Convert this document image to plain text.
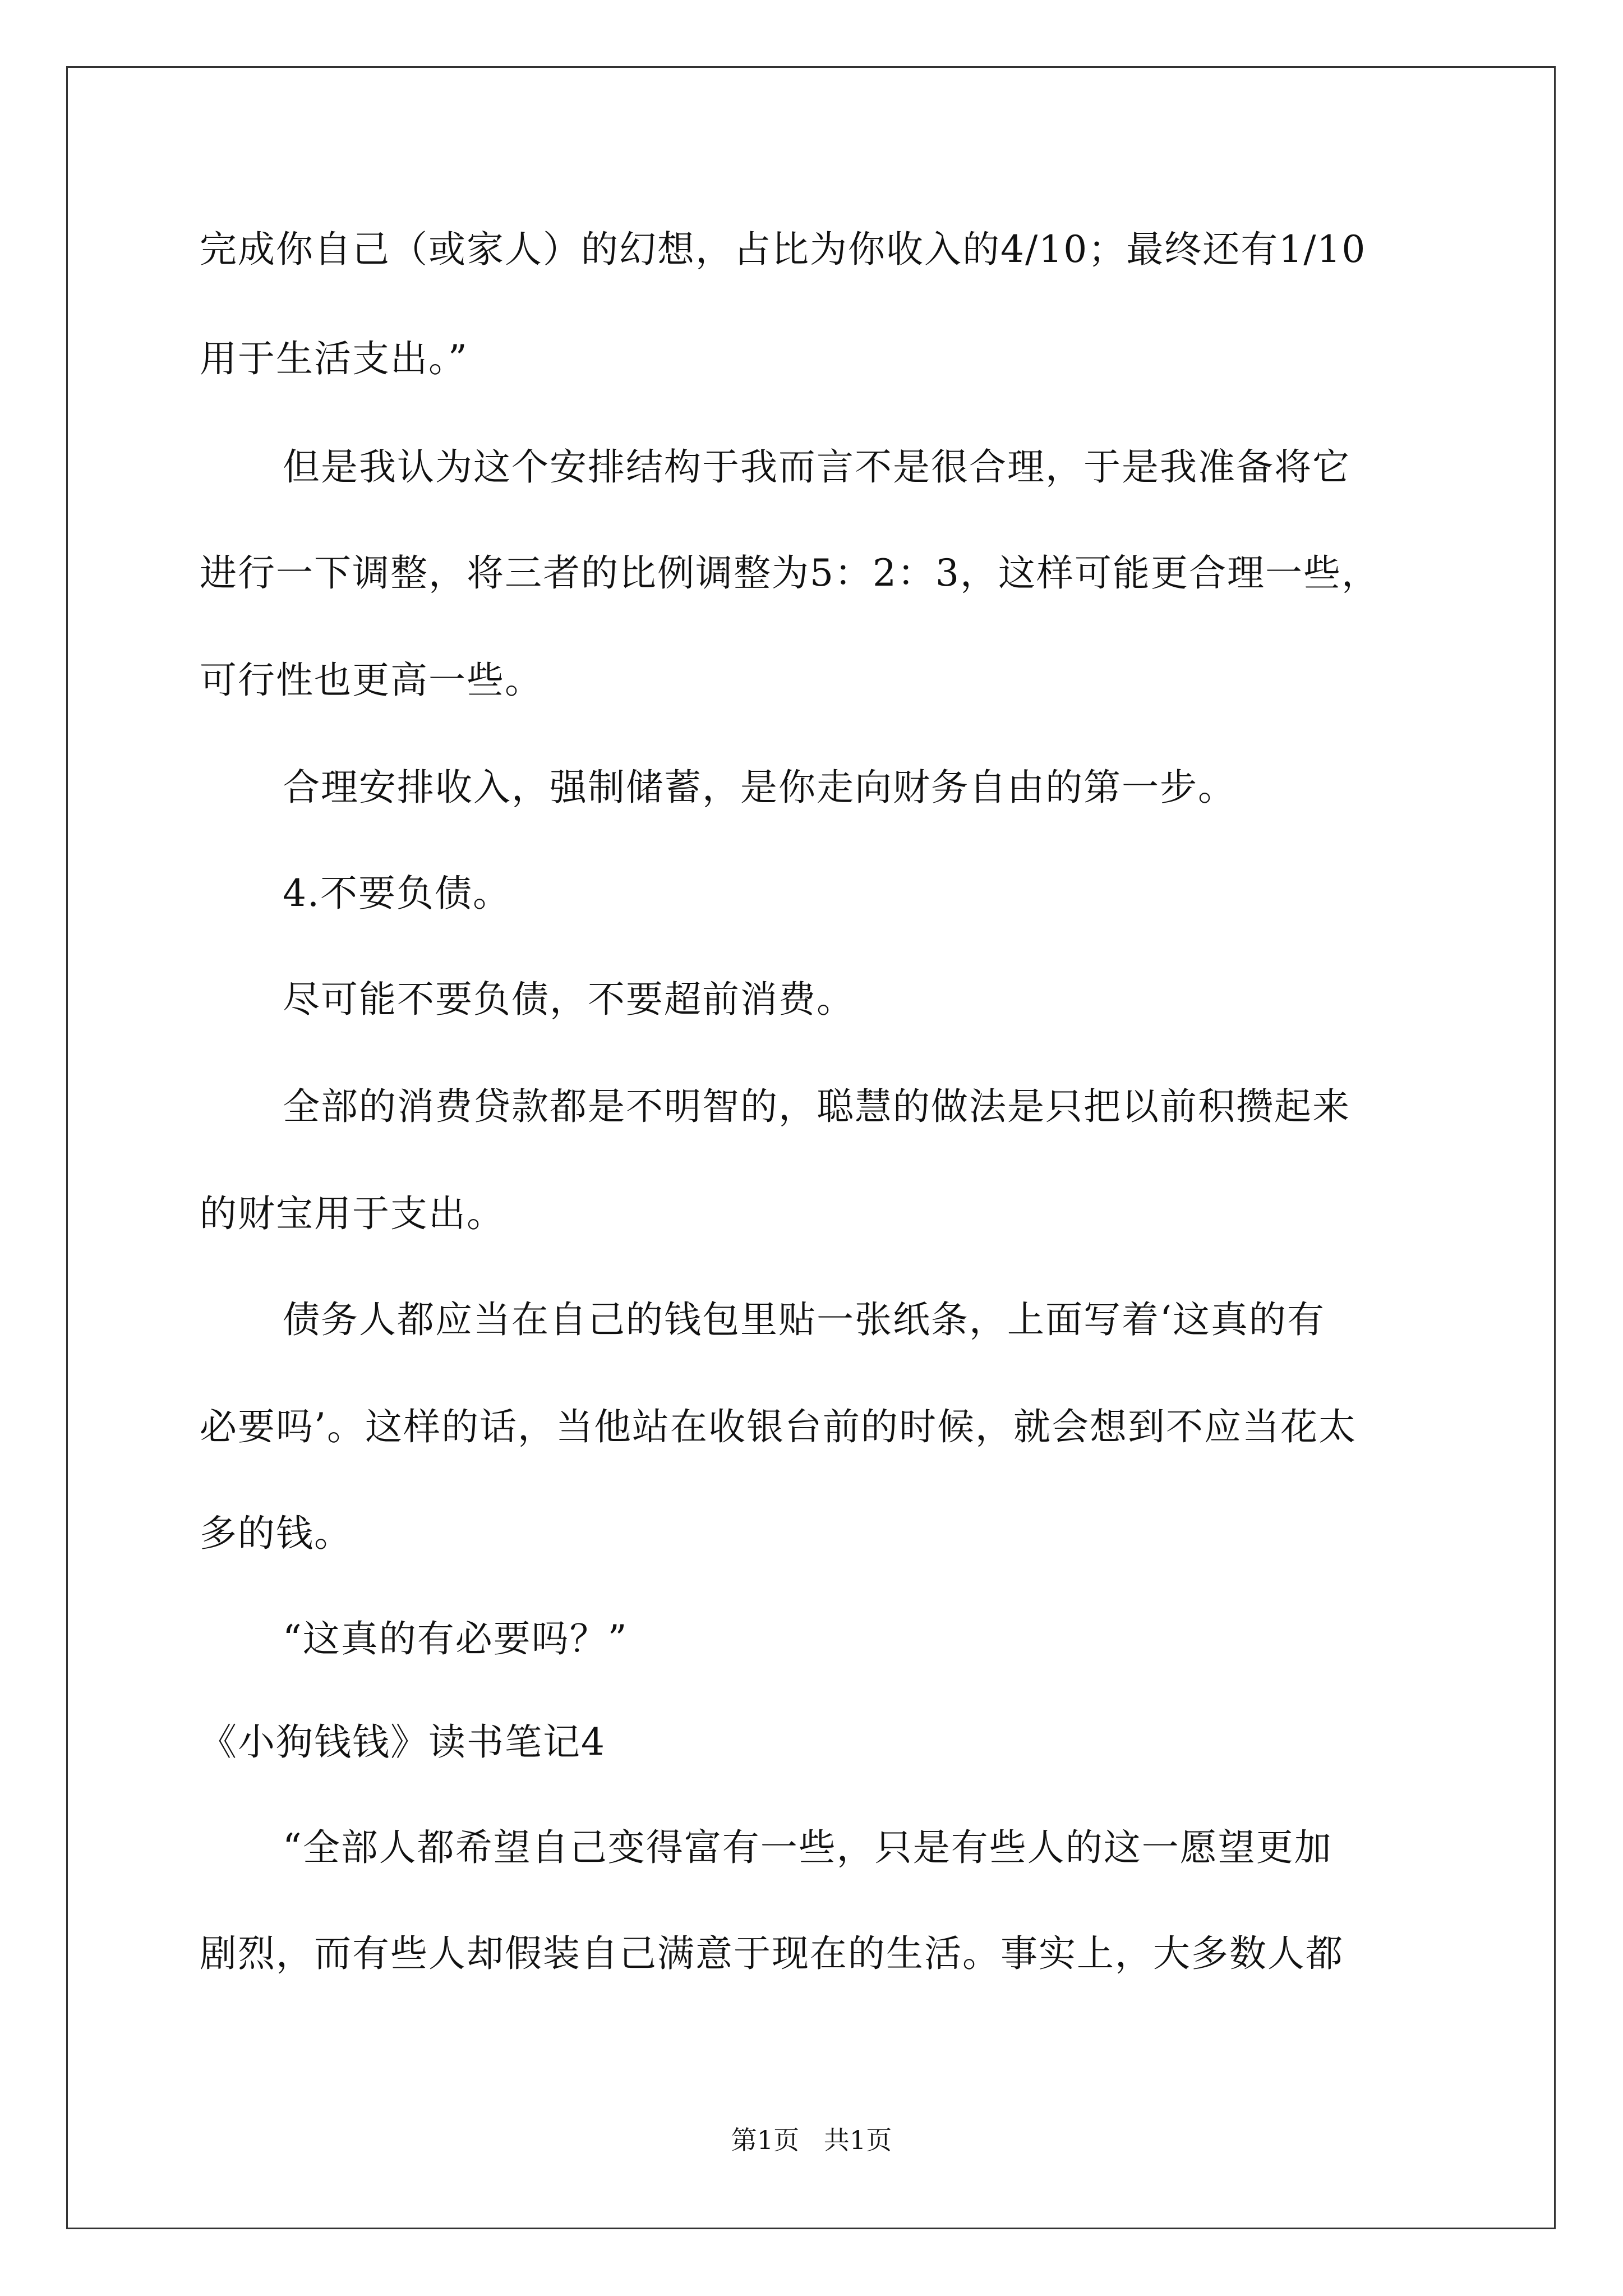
完成你自己（或家人）的幻想，占比为你收入的4/10；最终还有1/10
用于生活支出。”
但是我认为这个安排结构于我而言不是很合理，于是我准备将它
进行一下调整，将三者的比例调整为5：2：3，这样可能更合理一些，
可行性也更高一些。
合理安排收入，强制储蓄，是你走向财务自由的第一步。
4.不要负债。
尽可能不要负债，不要超前消费。
全部的消费贷款都是不明智的，聪慧的做法是只把以前积攒起来
的财宝用于支出。
债务人都应当在自己的钱包里贴一张纸条，上面写着‘这真的有
必要吗’。这样的话，当他站在收银台前的时候，就会想到不应当花太
多的钱。
“这真的有必要吗？”
《小狗钱钱》读书笔记4
“全部人都希望自己变得富有一些，只是有些人的这一愿望更加
剧烈，而有些人却假装自己满意于现在的生活。事实上，大多数人都
第1页   共1页
